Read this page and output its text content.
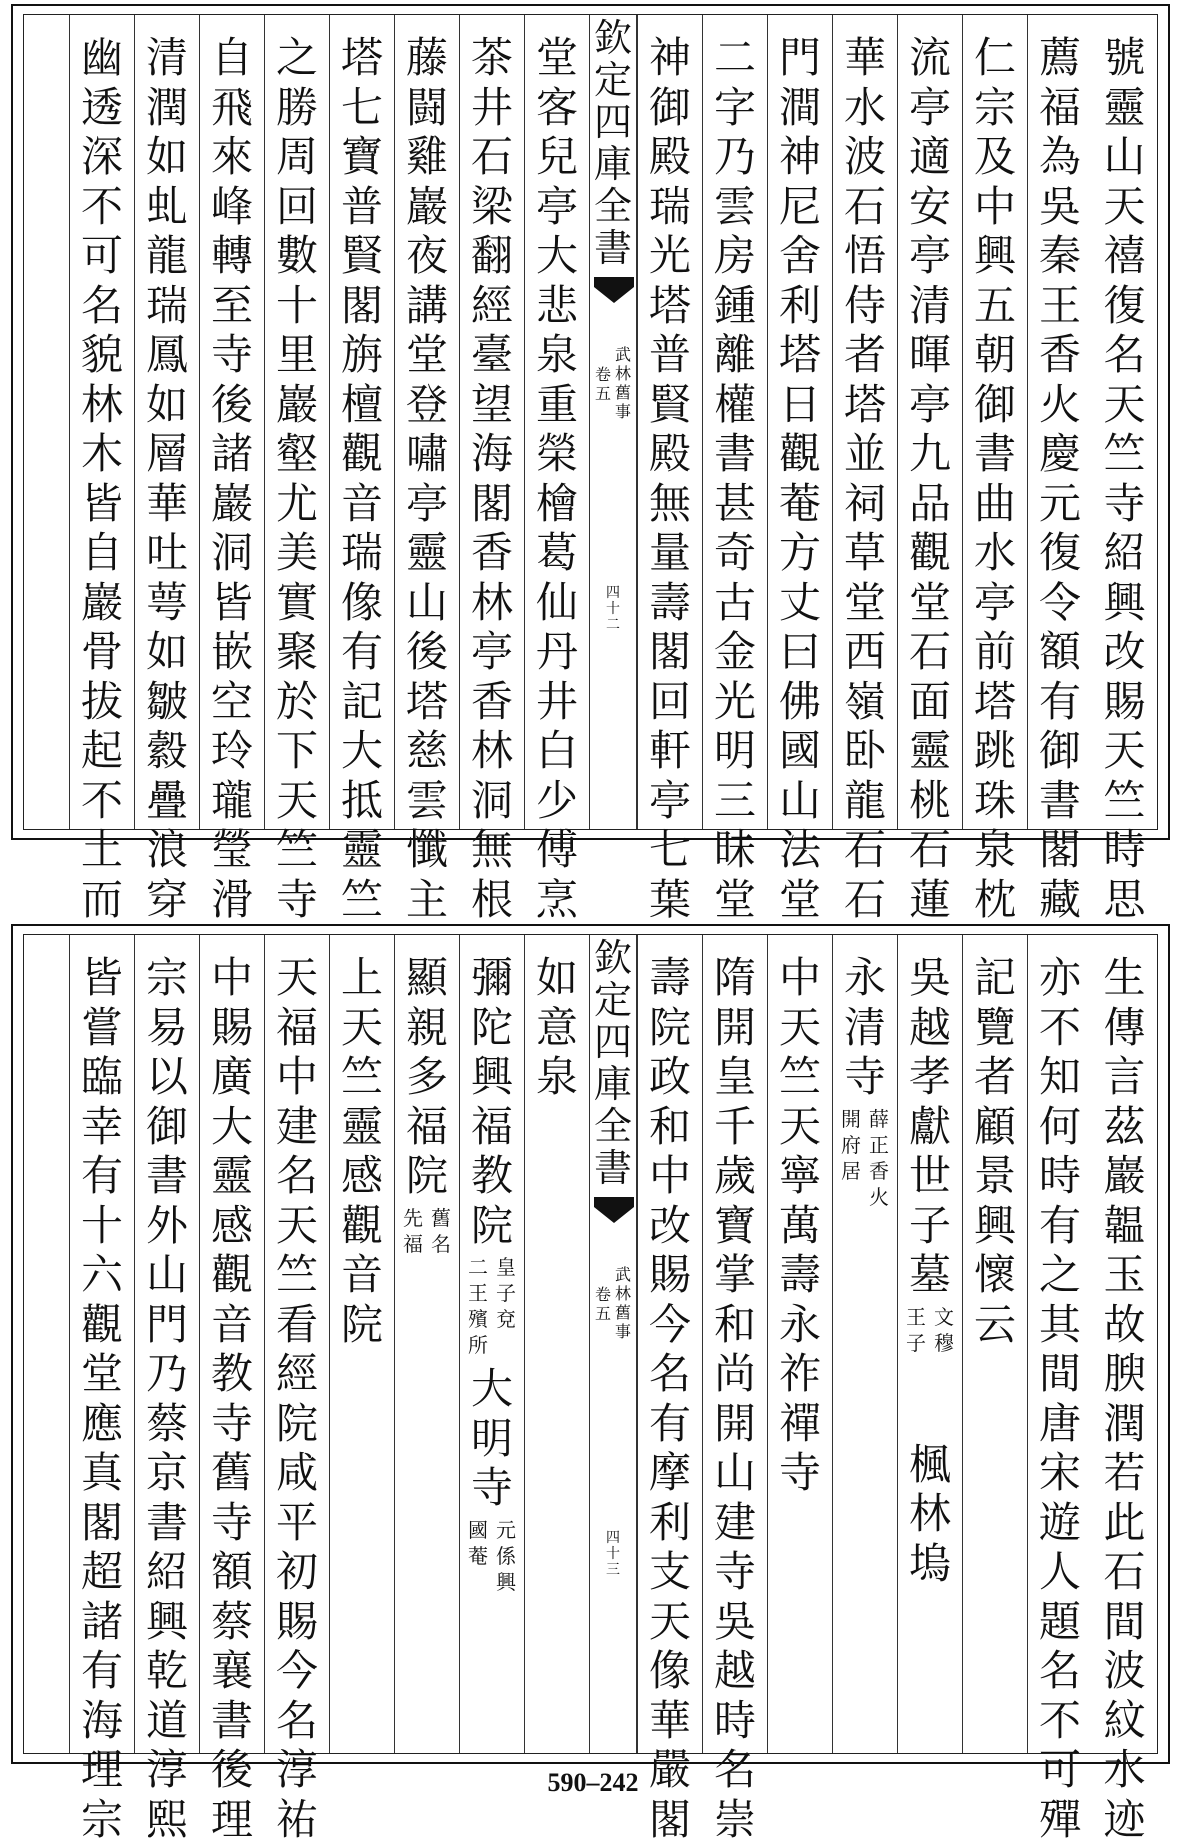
號
靈
山
天
禧
復
名
天
竺
寺
紹
興
改
賜
天
竺
時
思
薦
福
為
吳
秦
王
香
火
慶
元
復
令
額
有
御
書
閣
藏
仁
宗
及
中
興
五
朝
御
書
曲
水
亭
前
塔
跳
珠
泉
枕
流
亭
適
安
亭
清
暉
亭
九
品
觀
堂
石
面
靈
桃
石
蓮
華
水
波
石
悟
侍
者
塔
並
祠
草
堂
西
嶺
卧
龍
石
石
門
澗
神
尼
舍
利
塔
日
觀
菴
方
丈
曰
佛
國
山
法
堂
二
字
乃
雲
房
鍾
離
權
書
甚
奇
古
金
光
明
三
昧
堂
神
御
殿
瑞
光
塔
普
賢
殿
無
量
壽
閣
回
軒
亭
七
葉
欽
定
四
庫
全
書
武
林
舊
事
卷
五
四
十
二
堂
客
兒
亭
大
悲
泉
重
榮
檜
葛
仙
丹
井
白
少
傅
烹
茶
井
石
梁
翻
經
臺
望
海
閣
香
林
亭
香
林
洞
無
根
藤
闘
雞
巖
夜
講
堂
登
嘯
亭
靈
山
後
塔
慈
雲
懺
主
塔
七
寶
普
賢
閣
旃
檀
觀
音
瑞
像
有
記
大
抵
靈
竺
之
勝
周
回
數
十
里
巖
壑
尤
美
實
聚
於
下
天
竺
寺
自
飛
來
峰
轉
至
寺
後
諸
巖
洞
皆
嵌
空
玲
瓏
瑩
滑
清
潤
如
虬
龍
瑞
鳳
如
層
華
吐
萼
如
皺
縠
疊
浪
穿
幽
透
深
不
可
名
貌
林
木
皆
自
巖
骨
拔
起
不
土
而
生
傳
言
茲
巖
韞
玉
故
腴
潤
若
此
石
間
波
紋
水
迹
亦
不
知
何
時
有
之
其
間
唐
宋
遊
人
題
名
不
可
殫
記
覽
者
顧
景
興
懷
云
吳
越
孝
獻
世
子
墓
文
穆
王
子
楓
林
塢
永
清
寺
薛
正
香
火
開
府
居
中
天
竺
天
寧
萬
壽
永
祚
禪
寺
隋
開
皇
千
歲
寶
掌
和
尚
開
山
建
寺
吳
越
時
名
崇
壽
院
政
和
中
改
賜
今
名
有
摩
利
支
天
像
華
嚴
閣
欽
定
四
庫
全
書
武
林
舊
事
卷
五
四
十
三
如
意
泉
彌
陀
興
福
教
院
皇
子
兗
二
王
殯
所
大
明
寺
元
係
興
國
菴
顯
親
多
福
院
舊
名
先
福
上
天
竺
靈
感
觀
音
院
天
福
中
建
名
天
竺
看
經
院
咸
平
初
賜
今
名
淳
祐
中
賜
廣
大
靈
感
觀
音
教
寺
舊
寺
額
蔡
襄
書
後
理
宗
易
以
御
書
外
山
門
乃
蔡
京
書
紹
興
乾
道
淳
熙
皆
嘗
臨
幸
有
十
六
觀
堂
應
真
閣
超
諸
有
海
理
宗
590–242
